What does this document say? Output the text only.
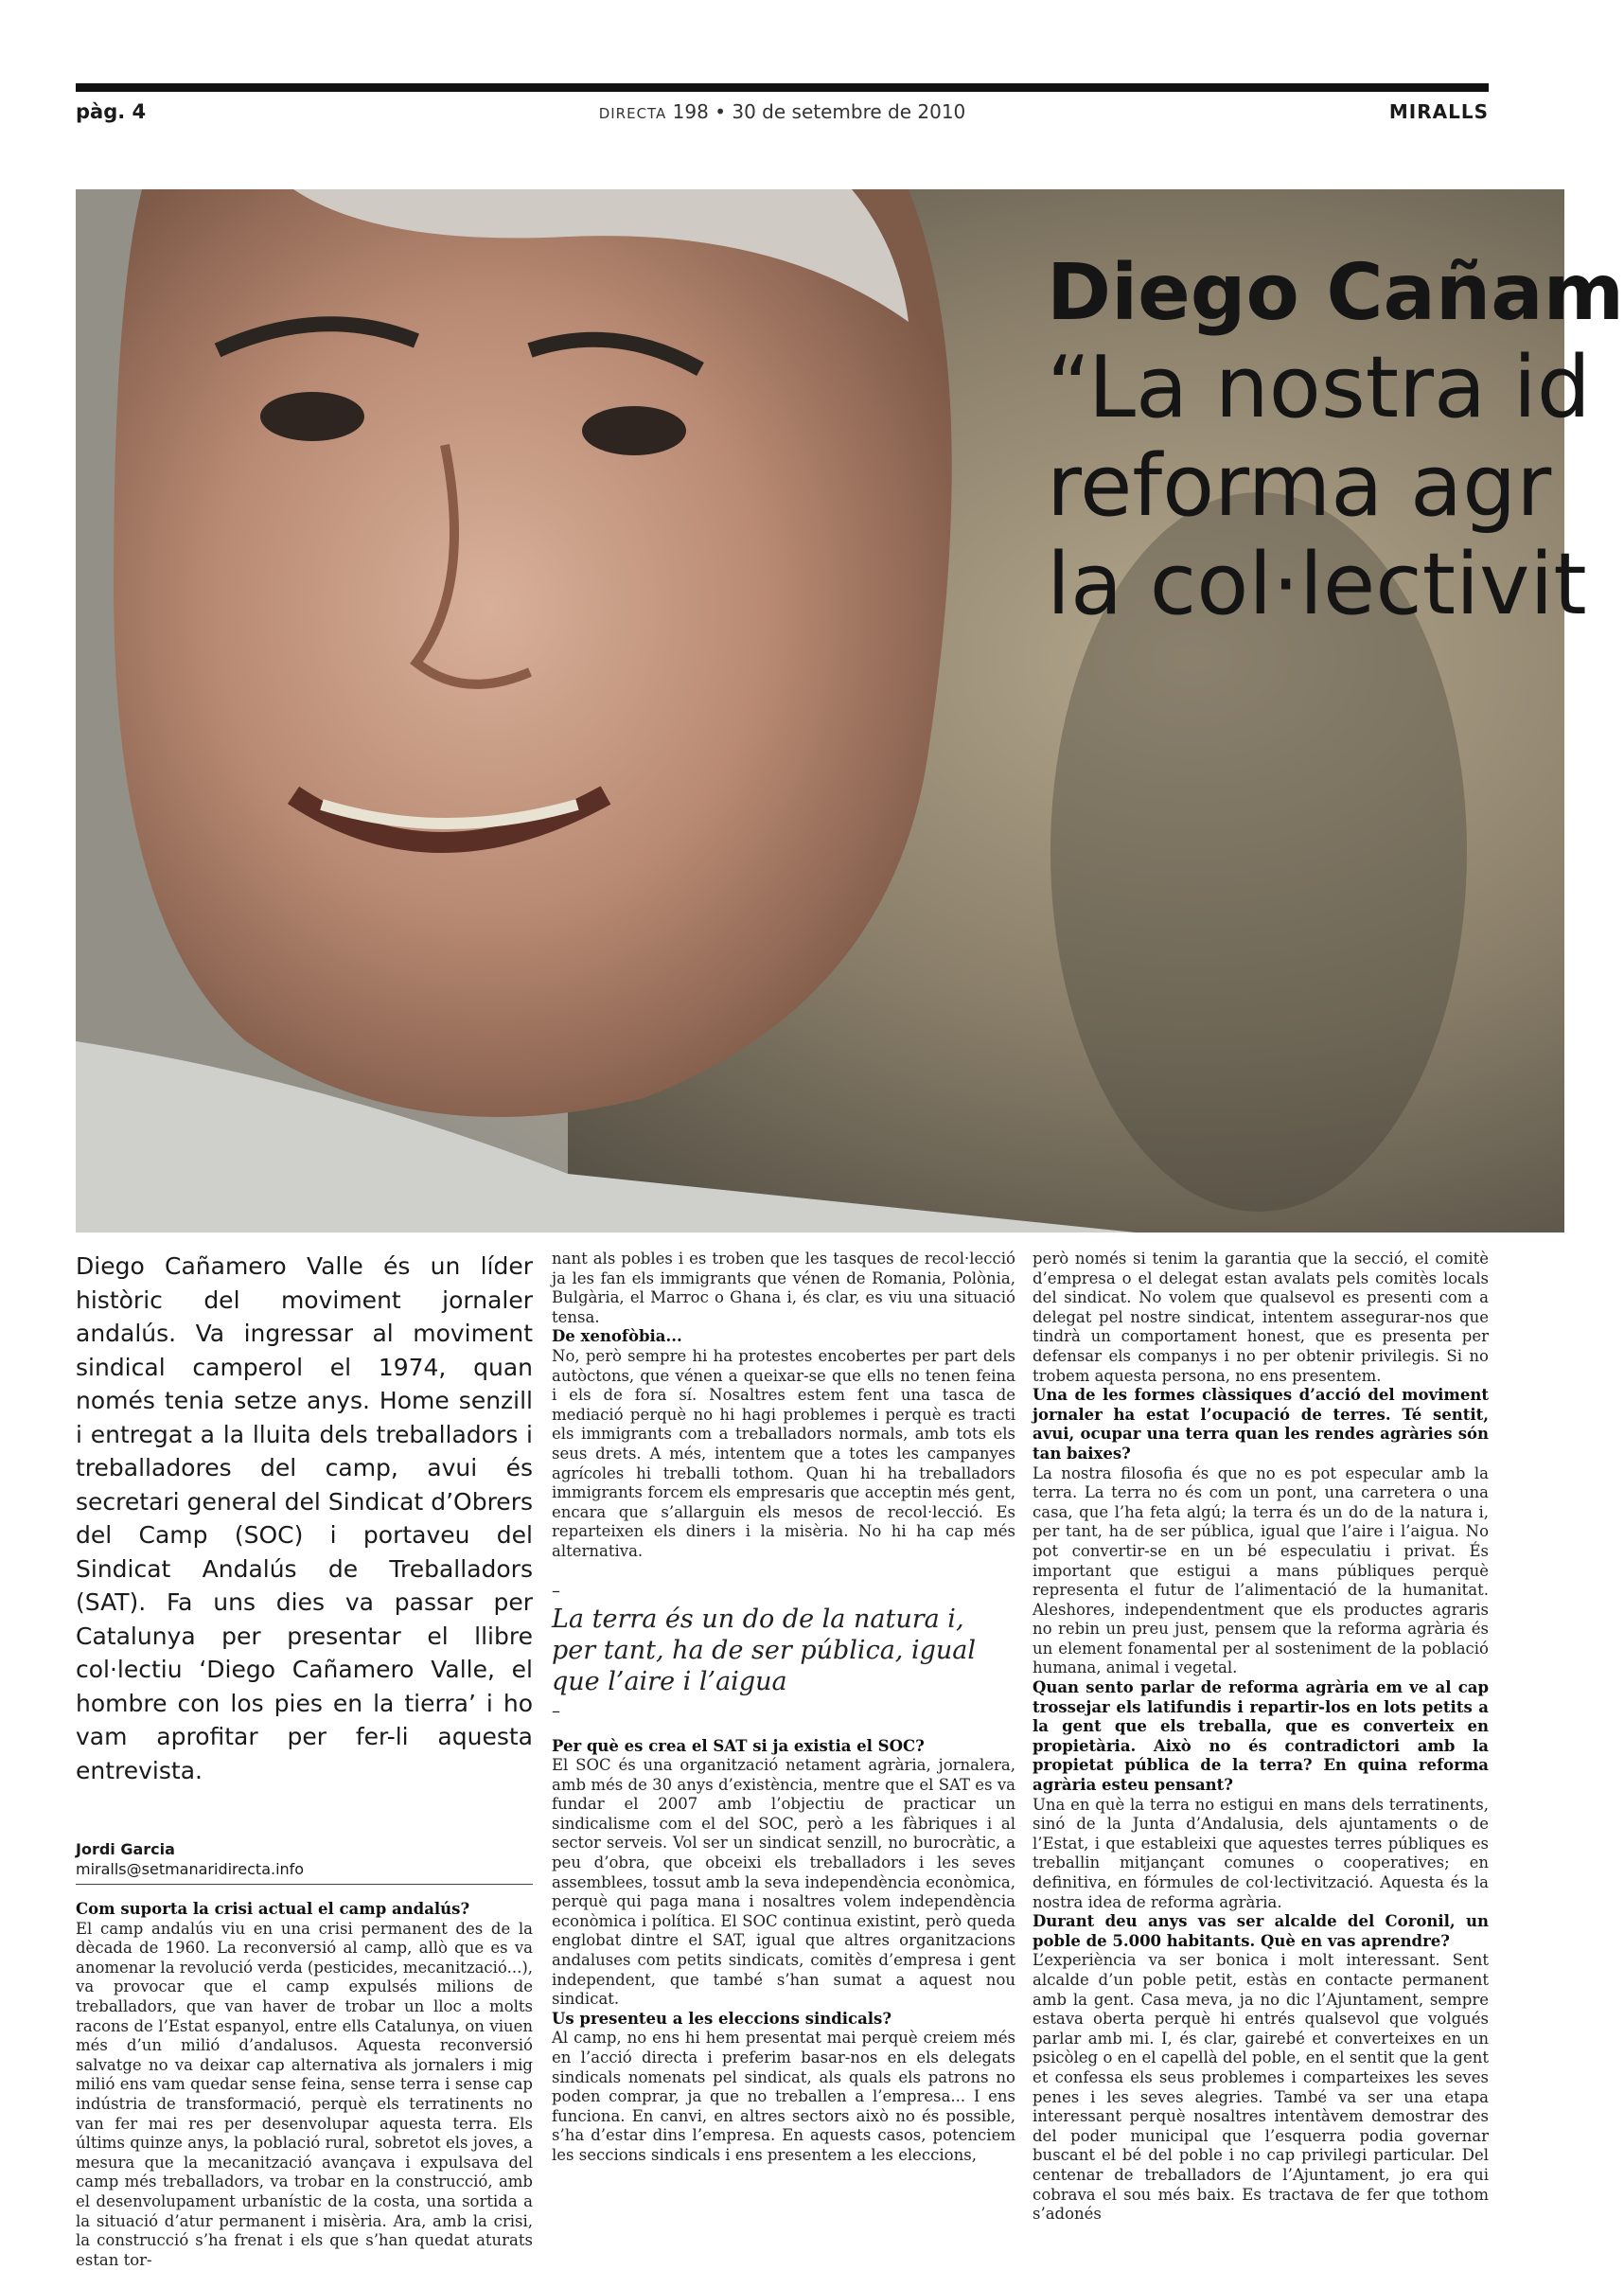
pàg. 4	DIRECTA 198 • 30 de setembre de 2010	MIRALLS
Diego Cañam
“La nostra id
reforma agr
la col·lectivit

Diego Cañamero Valle és un líder històric del moviment jornaler andalús. Va ingressar al moviment sindical camperol el 1974, quan només tenia setze anys. Home senzill i entregat a la lluita dels treballadors i treballadores del camp, avui és secretari general del Sindicat d’Obrers del Camp (SOC) i portaveu del Sindicat Andalús de Treballadors (SAT). Fa uns dies va passar per Catalunya per presentar el llibre col·lectiu ‘Diego Cañamero Valle, el hombre con los pies en la tierra’ i ho vam aprofitar per fer-li aquesta entrevista.

Jordi Garcia
miralls@setmanaridirecta.info

Com suporta la crisi actual el camp andalús?

El camp andalús viu en una crisi permanent des de la dècada de 1960. La reconversió al camp, allò que es va anomenar la revolució verda (pesticides, mecanització...), va provocar que el camp expulsés milions de treballadors, que van haver de trobar un lloc a molts racons de l’Estat espanyol, entre ells Catalunya, on viuen més d’un milió d’andalusos. Aquesta reconversió salvatge no va deixar cap alternativa als jornalers i mig milió ens vam quedar sense feina, sense terra i sense cap indústria de transformació, perquè els terratinents no van fer mai res per desenvolupar aquesta terra. Els últims quinze anys, la població rural, sobretot els joves, a mesura que la mecanització avançava i expulsava del camp més treballadors, va trobar en la construcció, amb el desenvolupament urbanístic de la costa, una sortida a la situació d’atur permanent i misèria. Ara, amb la crisi, la construcció s’ha frenat i els que s’han quedat aturats estan tor-

nant als pobles i es troben que les tasques de recol·lecció ja les fan els immigrants que vénen de Romania, Polònia, Bulgària, el Marroc o Ghana i, és clar, es viu una situació tensa.

De xenofòbia...

No, però sempre hi ha protestes encobertes per part dels autòctons, que vénen a queixar-se que ells no tenen feina i els de fora sí. Nosaltres estem fent una tasca de mediació perquè no hi hagi problemes i perquè es tracti els immigrants com a treballadors normals, amb tots els seus drets. A més, intentem que a totes les campanyes agrícoles hi treballi tothom. Quan hi ha treballadors immigrants forcem els empresaris que acceptin més gent, encara que s’allarguin els mesos de recol·lecció. Es reparteixen els diners i la misèria. No hi ha cap més alternativa.

–

La terra és un do de la natura i, per tant, ha de ser pública, igual que l’aire i l’aigua

–

Per què es crea el SAT si ja existia el SOC?

El SOC és una organització netament agrària, jornalera, amb més de 30 anys d’existència, mentre que el SAT es va fundar el 2007 amb l’objectiu de practicar un sindicalisme com el del SOC, però a les fàbriques i al sector serveis. Vol ser un sindicat senzill, no burocràtic, a peu d’obra, que obceixi els treballadors i les seves assemblees, tossut amb la seva independència econòmica, perquè qui paga mana i nosaltres volem independència econòmica i política. El SOC continua existint, però queda englobat dintre el SAT, igual que altres organitzacions andaluses com petits sindicats, comitès d’empresa i gent independent, que també s’han sumat a aquest nou sindicat.

Us presenteu a les eleccions sindicals?

Al camp, no ens hi hem presentat mai perquè creiem més en l’acció directa i preferim basar-nos en els delegats sindicals nomenats pel sindicat, als quals els patrons no poden comprar, ja que no treballen a l’empresa... I ens funciona. En canvi, en altres sectors això no és possible, s’ha d’estar dins l’empresa. En aquests casos, potenciem les seccions sindicals i ens presentem a les eleccions,

però només si tenim la garantia que la secció, el comitè d’empresa o el delegat estan avalats pels comitès locals del sindicat. No volem que qualsevol es presenti com a delegat pel nostre sindicat, intentem assegurar-nos que tindrà un comportament honest, que es presenta per defensar els companys i no per obtenir privilegis. Si no trobem aquesta persona, no ens presentem.

Una de les formes clàssiques d’acció del moviment jornaler ha estat l’ocupació de terres. Té sentit, avui, ocupar una terra quan les rendes agràries són tan baixes?

La nostra filosofia és que no es pot especular amb la terra. La terra no és com un pont, una carretera o una casa, que l’ha feta algú; la terra és un do de la natura i, per tant, ha de ser pública, igual que l’aire i l’aigua. No pot convertir-se en un bé especulatiu i privat. És important que estigui a mans públiques perquè representa el futur de l’alimentació de la humanitat. Aleshores, independentment que els productes agraris no rebin un preu just, pensem que la reforma agrària és un element fonamental per al sosteniment de la població humana, animal i vegetal.

Quan sento parlar de reforma agrària em ve al cap trossejar els latifundis i repartir-los en lots petits a la gent que els treballa, que es converteix en propietària. Això no és contradictori amb la propietat pública de la terra? En quina reforma agrària esteu pensant?

Una en què la terra no estigui en mans dels terratinents, sinó de la Junta d’Andalusia, dels ajuntaments o de l’Estat, i que estableixi que aquestes terres públiques es treballin mitjançant comunes o cooperatives; en definitiva, en fórmules de col·lectivització. Aquesta és la nostra idea de reforma agrària.

Durant deu anys vas ser alcalde del Coronil, un poble de 5.000 habitants. Què en vas aprendre?

L’experiència va ser bonica i molt interessant. Sent alcalde d’un poble petit, estàs en contacte permanent amb la gent. Casa meva, ja no dic l’Ajuntament, sempre estava oberta perquè hi entrés qualsevol que volgués parlar amb mi. I, és clar, gairebé et converteixes en un psicòleg o en el capellà del poble, en el sentit que la gent et confessa els seus problemes i comparteixes les seves penes i les seves alegries. També va ser una etapa interessant perquè nosaltres intentàvem demostrar des del poder municipal que l’esquerra podia governar buscant el bé del poble i no cap privilegi particular. Del centenar de treballadors de l’Ajuntament, jo era qui cobrava el sou més baix. Es tractava de fer que tothom s’adonés
